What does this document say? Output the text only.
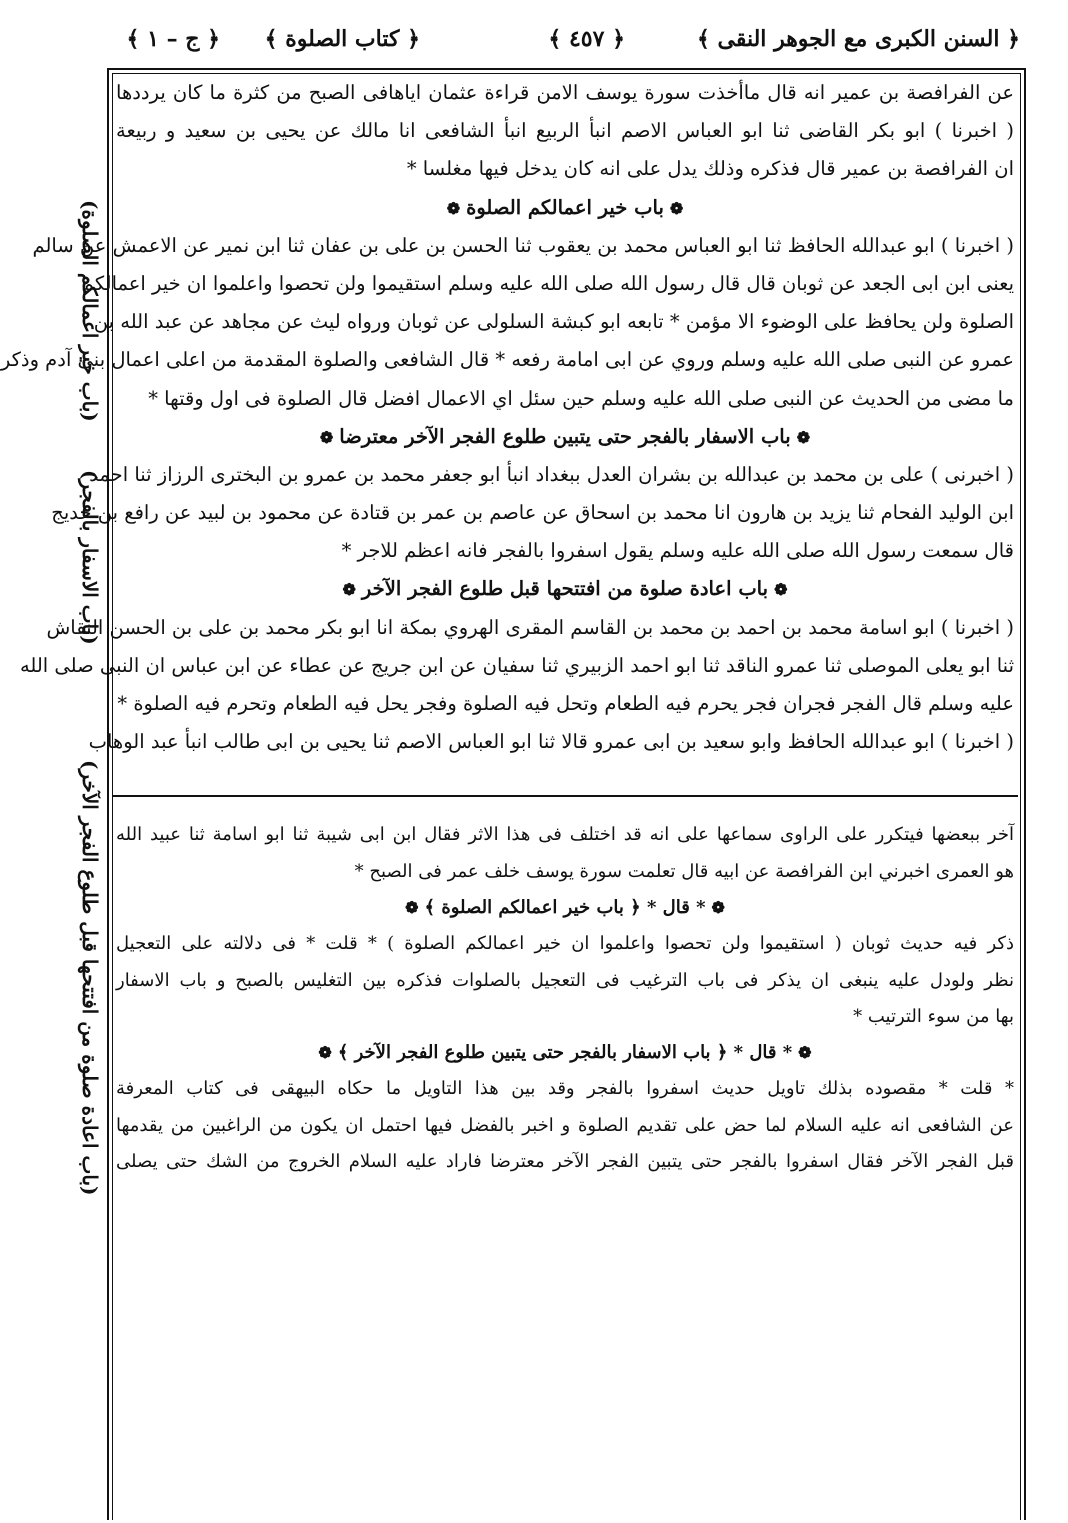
﴿ السنن الكبرى مع الجوهر النقى ﴾
﴿ ٤٥٧ ﴾
﴿ كتاب الصلوة ﴾
﴿ ج – ١ ﴾
(باب خير اعمالكم الصلوة)
(باب الاسفار بالفجر)
(باب اعادة صلوة من افتتحها قبل طلوع الفجر الآخر)
عن الفرافصة بن عمير انه قال ماأخذت سورة يوسف الامن قراءة عثمان اياهافى الصبح من كثرة ما كان يرددها
( اخبرنا ) ابو بكر القاضى ثنا ابو العباس الاصم انبأ الربيع انبأ الشافعى انا مالك عن يحيى بن سعيد و ربيعة
ان الفرافصة بن عمير قال فذكره وذلك يدل على انه كان يدخل فيها مغلسا *
❁باب خير اعمالكم الصلوة❁
( اخبرنا ) ابو عبدالله الحافظ ثنا ابو العباس محمد بن يعقوب ثنا الحسن بن على بن عفان ثنا ابن نمير عن الاعمش عن سالم
يعنى ابن ابى الجعد عن ثوبان قال قال رسول الله صلى الله عليه وسلم استقيموا ولن تحصوا واعلموا ان خير اعمالكم
الصلوة ولن يحافظ على الوضوء الا مؤمن * تابعه ابو كبشة السلولى عن ثوبان ورواه ليث عن مجاهد عن عبد الله بن
عمرو عن النبى صلى الله عليه وسلم وروي عن ابى امامة رفعه * قال الشافعى والصلوة المقدمة من اعلى اعمال بنى آدم وذكر
ما مضى من الحديث عن النبى صلى الله عليه وسلم حين سئل اي الاعمال افضل قال الصلوة فى اول وقتها *
❁باب الاسفار بالفجر حتى يتبين طلوع الفجر الآخر معترضا❁
( اخبرنى ) على بن محمد بن عبدالله بن بشران العدل ببغداد انبأ ابو جعفر محمد بن عمرو بن البخترى الرزاز ثنا احمد
ابن الوليد الفحام ثنا يزيد بن هارون انا محمد بن اسحاق عن عاصم بن عمر بن قتادة عن محمود بن لبيد عن رافع بن خديج
قال سمعت رسول الله صلى الله عليه وسلم يقول اسفروا بالفجر فانه اعظم للاجر *
❁باب اعادة صلوة من افتتحها قبل طلوع الفجر الآخر❁
( اخبرنا ) ابو اسامة محمد بن احمد بن محمد بن القاسم المقرى الهروي بمكة انا ابو بكر محمد بن على بن الحسن النقاش
ثنا ابو يعلى الموصلى ثنا عمرو الناقد ثنا ابو احمد الزبيري ثنا سفيان عن ابن جريج عن عطاء عن ابن عباس ان النبى صلى الله
عليه وسلم قال الفجر فجران فجر يحرم فيه الطعام وتحل فيه الصلوة وفجر يحل فيه الطعام وتحرم فيه الصلوة *
( اخبرنا ) ابو عبدالله الحافظ وابو سعيد بن ابى عمرو قالا ثنا ابو العباس الاصم ثنا يحيى بن ابى طالب انبأ عبد الوهاب
آخر ببعضها فيتكرر على الراوى سماعها على انه قد اختلف فى هذا الاثر فقال ابن ابى شيبة ثنا ابو اسامة ثنا عبيد الله
هو العمرى اخبرني ابن الفرافصة عن ابيه قال تعلمت سورة يوسف خلف عمر فى الصبح *
❁* قال * ﴿ باب خير اعمالكم الصلوة ﴾❁
ذكر فيه حديث ثوبان ( استقيموا ولن تحصوا واعلموا ان خير اعمالكم الصلوة ) * قلت * فى دلالته على التعجيل
نظر ولودل عليه ينبغى ان يذكر فى باب الترغيب فى التعجيل بالصلوات فذكره بين التغليس بالصبح و باب الاسفار
بها من سوء الترتيب *
❁* قال * ﴿ باب الاسفار بالفجر حتى يتبين طلوع الفجر الآخر ﴾❁
* قلت * مقصوده بذلك تاويل حديث اسفروا بالفجر وقد بين هذا التاويل ما حكاه البيهقى فى كتاب المعرفة
عن الشافعى انه عليه السلام لما حض على تقديم الصلوة و اخبر بالفضل فيها احتمل ان يكون من الراغبين من يقدمها
قبل الفجر الآخر فقال اسفروا بالفجر حتى يتبين الفجر الآخر معترضا فاراد عليه السلام الخروج من الشك حتى يصلى
